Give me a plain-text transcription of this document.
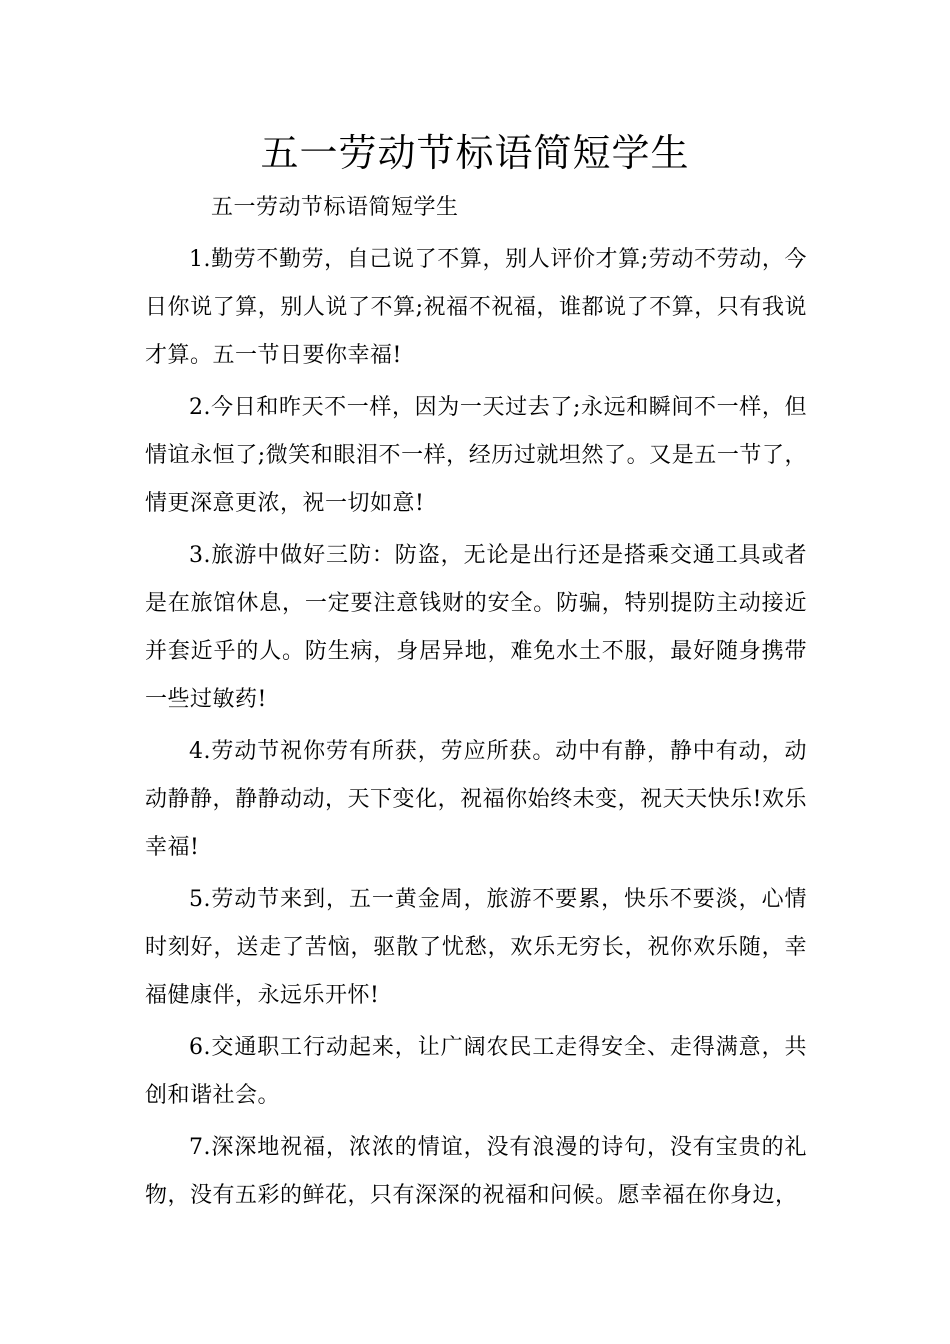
五一劳动节标语简短学生

五一劳动节标语简短学生

1.勤劳不勤劳，自己说了不算，别人评价才算;劳动不劳动，今日你说了算，别人说了不算;祝福不祝福，谁都说了不算，只有我说才算。五一节日要你幸福!

2.今日和昨天不一样，因为一天过去了;永远和瞬间不一样，但情谊永恒了;微笑和眼泪不一样，经历过就坦然了。又是五一节了，情更深意更浓，祝一切如意!

3.旅游中做好三防：防盗，无论是出行还是搭乘交通工具或者是在旅馆休息，一定要注意钱财的安全。防骗，特别提防主动接近并套近乎的人。防生病，身居异地，难免水土不服，最好随身携带一些过敏药!

4.劳动节祝你劳有所获，劳应所获。动中有静，静中有动，动动静静，静静动动，天下变化，祝福你始终未变，祝天天快乐!欢乐幸福!

5.劳动节来到，五一黄金周，旅游不要累，快乐不要淡，心情时刻好，送走了苦恼，驱散了忧愁，欢乐无穷长，祝你欢乐随，幸福健康伴，永远乐开怀!

6.交通职工行动起来，让广阔农民工走得安全、走得满意，共创和谐社会。

7.深深地祝福，浓浓的情谊，没有浪漫的诗句，没有宝贵的礼物，没有五彩的鲜花，只有深深的祝福和问候。愿幸福在你身边，
